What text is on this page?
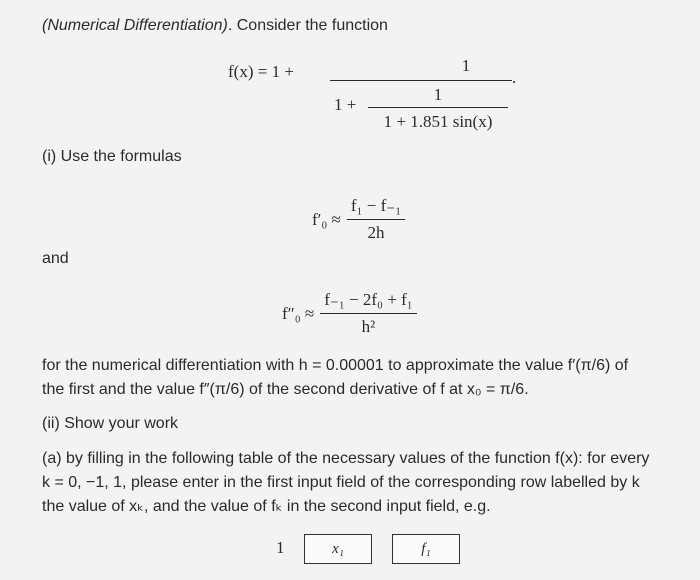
(Numerical Differentiation). Consider the function
f(x) = 1 +	1
1 +
1
1 + 1.851 sin(x)
.
(i) Use the formulas
$f'_0 \approx \frac{\text{f₁ − f₋₁}}{2h}$
and
$f''_0 \approx \frac{\text{f₋₁ − 2f₀ + f₁}}{\text{h²}}$
for the numerical differentiation with h = 0.00001 to approximate the value f′(π/6) of
the first and the value f″(π/6) of the second derivative of f at x₀ = π/6.
(ii) Show your work
(a) by filling in the following table of the necessary values of the function f(x): for every
k = 0, −1, 1, please enter in the first input field of the corresponding row labelled by k
the value of xₖ, and the value of fₖ in the second input field, e.g.
1	x₁	f₁
